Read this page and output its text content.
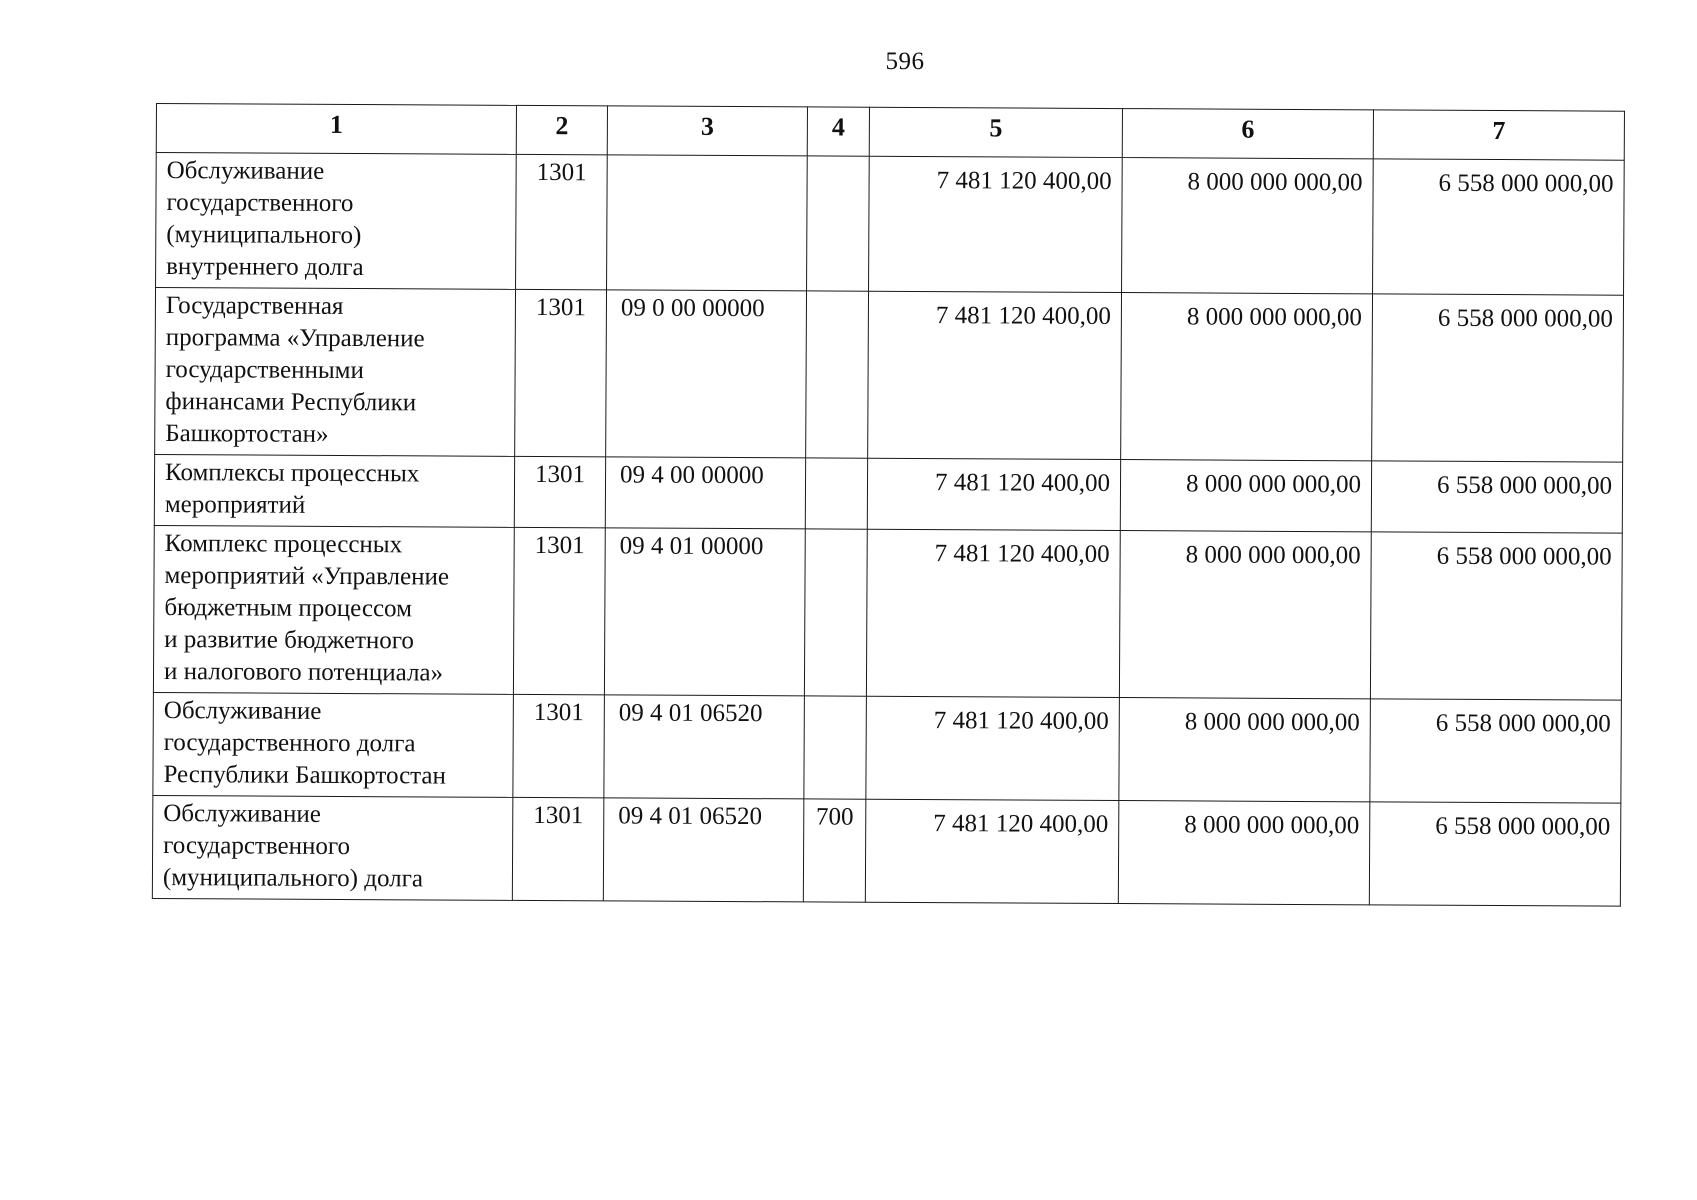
596
1	2	3	4	5	6	7

Обслуживание
государственного
(муниципального)
внутреннего долга	1301			7 481 120 400,00	8 000 000 000,00	6 558 000 000,00

Государственная
программа «Управление
государственными
финансами Республики
Башкортостан»	1301	09 0 00 00000		7 481 120 400,00	8 000 000 000,00	6 558 000 000,00

Комплексы процессных
мероприятий	1301	09 4 00 00000		7 481 120 400,00	8 000 000 000,00	6 558 000 000,00

Комплекс процессных
мероприятий «Управление
бюджетным процессом
и развитие бюджетного
и налогового потенциала»	1301	09 4 01 00000		7 481 120 400,00	8 000 000 000,00	6 558 000 000,00

Обслуживание
государственного долга
Республики Башкортостан	1301	09 4 01 06520		7 481 120 400,00	8 000 000 000,00	6 558 000 000,00

Обслуживание
государственного
(муниципального) долга	1301	09 4 01 06520	700	7 481 120 400,00	8 000 000 000,00	6 558 000 000,00
